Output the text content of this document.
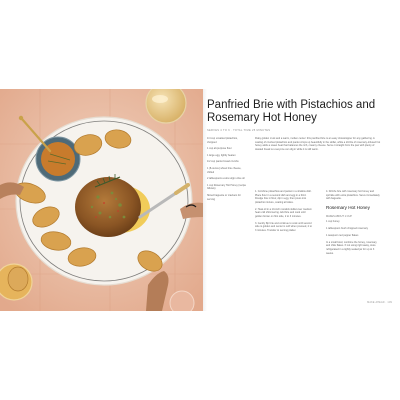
Panfried Brie with Pistachios and Rosemary Hot Honey
SERVES 4 TO 6 · TOTAL TIME 25 MINUTES
1/4 cup unsalted pistachios, chopped
1 cup all-purpose flour
1 large egg, lightly beaten
1/2 cup panko bread crumbs
1 (8-ounce) wheel brie cheese, chilled
2 tablespoons extra-virgin olive oil
1 cup Rosemary Hot Honey (recipe follows)
Sliced baguette or crackers for serving

Flaky golden crust and a warm, molten center: this panfried brie is an easy showstopper for any gathering. A coating of crushed pistachios and panko crisps up beautifully in the skillet, while a drizzle of rosemary-infused hot honey adds a sweet heat that balances the rich, creamy cheese. Serve it straight from the pan with plenty of toasted bread so everyone can dig in while it is still warm.

1. Combine pistachios and panko in a shallow dish. Place flour in a second dish and egg in a third. Dredge brie in flour, dip in egg, then press into pistachio mixture, coating all sides.

2. Heat oil in a 10-inch nonstick skillet over medium heat until shimmering. Add brie and cook until golden brown on first side, 2 to 3 minutes.

3. Gently flip brie and continue to cook until second side is golden and center is soft when pressed, 2 to 3 minutes. Transfer to serving platter.

4. Drizzle brie with rosemary hot honey and sprinkle with extra pistachios. Serve immediately with baguette.

Rosemary Hot Honey
MAKES ABOUT 1 CUP

1 cup honey

1 tablespoon fresh chopped rosemary

1 teaspoon red pepper flakes

In a small bowl, combine the honey, rosemary, and chile flakes. If not using right away, store refrigerated in a tightly sealed jar for up to 3 weeks.

MAKE AHEAD · 109
